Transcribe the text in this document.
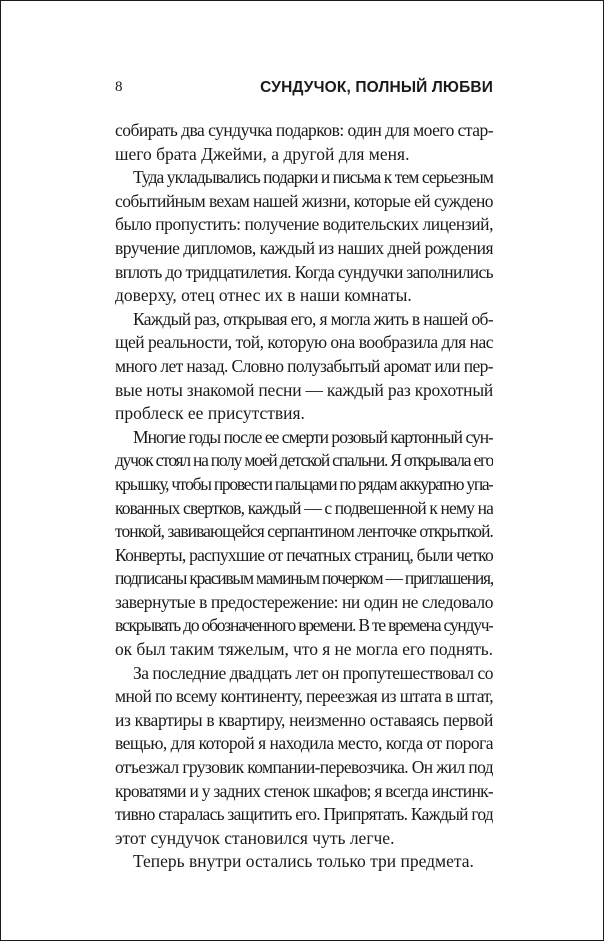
8	СУНДУЧОК, ПОЛНЫЙ ЛЮБВИ

собирать два сундучка подарков: один для моего стар-
шего брата Джейми, а другой для меня.

Туда укладывались подарки и письма к тем серьезным
событийным вехам нашей жизни, которые ей суждено
было пропустить: получение водительских лицензий,
вручение дипломов, каждый из наших дней рождения
вплоть до тридцатилетия. Когда сундучки заполнились
доверху, отец отнес их в наши комнаты.

Каждый раз, открывая его, я могла жить в нашей об-
щей реальности, той, которую она вообразила для нас
много лет назад. Словно полузабытый аромат или пер-
вые ноты знакомой песни — каждый раз крохотный
проблеск ее присутствия.

Многие годы после ее смерти розовый картонный сун-
дучок стоял на полу моей детской спальни. Я открывала его
крышку, чтобы провести пальцами по рядам аккуратно упа-
кованных свертков, каждый — с подвешенной к нему на
тонкой, завивающейся серпантином ленточке открыткой.
Конверты, распухшие от печатных страниц, были четко
подписаны красивым маминым почерком — приглашения,
завернутые в предостережение: ни один не следовало
вскрывать до обозначенного времени. В те времена сундуч-
ок был таким тяжелым, что я не могла его поднять.

За последние двадцать лет он пропутешествовал со
мной по всему континенту, переезжая из штата в штат,
из квартиры в квартиру, неизменно оставаясь первой
вещью, для которой я находила место, когда от порога
отъезжал грузовик компании-перевозчика. Он жил под
кроватями и у задних стенок шкафов; я всегда инстинк-
тивно старалась защитить его. Припрятать. Каждый год
этот сундучок становился чуть легче.

Теперь внутри остались только три предмета.
